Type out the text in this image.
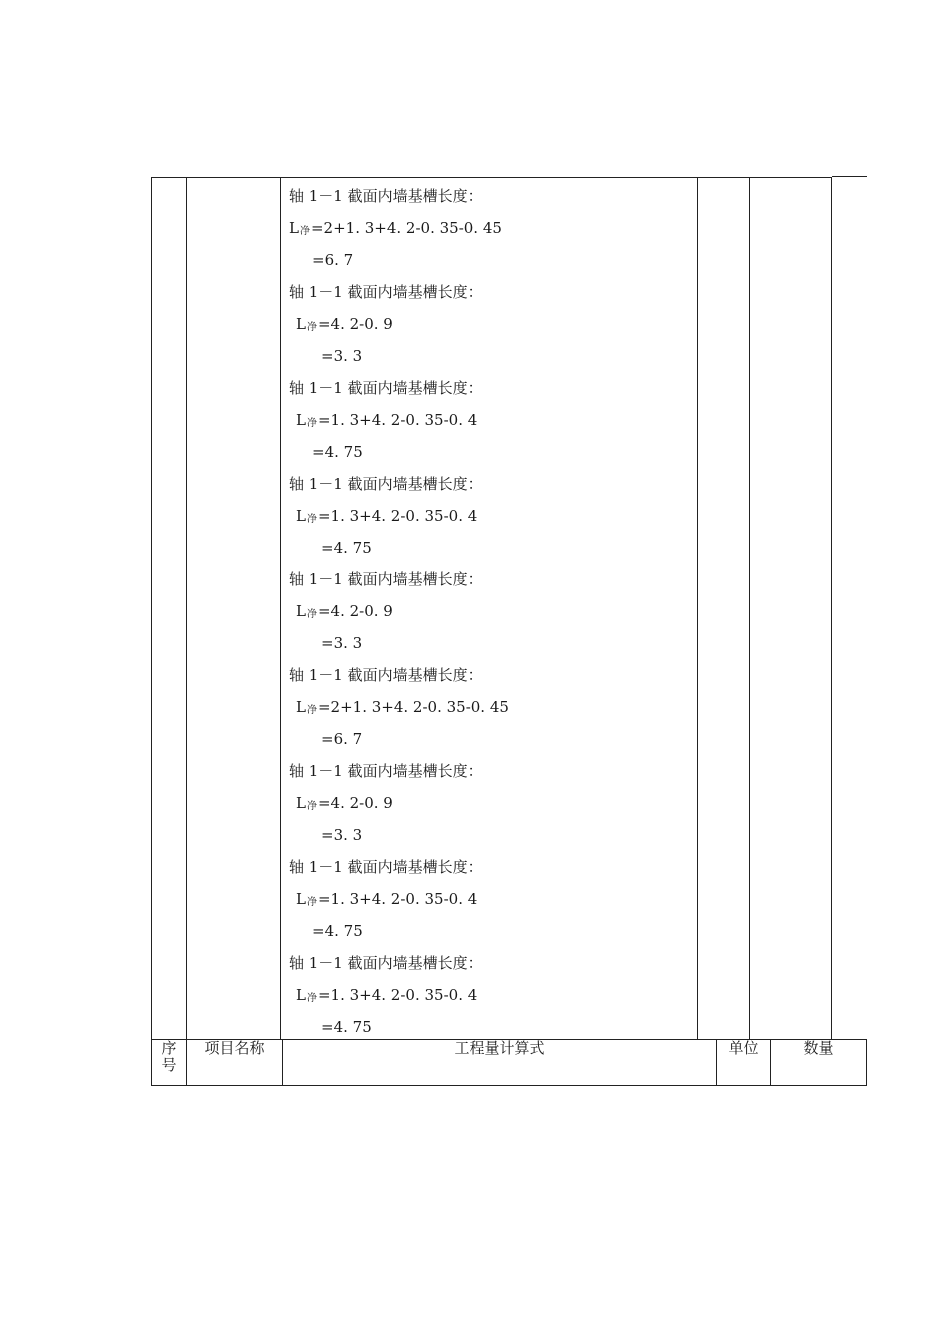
轴 1－1 截面内墙基槽长度：
L净=2+1. 3+4. 2-0. 35-0. 45
=6. 7
轴 1－1 截面内墙基槽长度：
L净=4. 2-0. 9
=3. 3
轴 1－1 截面内墙基槽长度：
L净=1. 3+4. 2-0. 35-0. 4
=4. 75
轴 1－1 截面内墙基槽长度：
L净=1. 3+4. 2-0. 35-0. 4
=4. 75
轴 1－1 截面内墙基槽长度：
L净=4. 2-0. 9
=3. 3
轴 1－1 截面内墙基槽长度：
L净=2+1. 3+4. 2-0. 35-0. 45
=6. 7
轴 1－1 截面内墙基槽长度：
L净=4. 2-0. 9
=3. 3
轴 1－1 截面内墙基槽长度：
L净=1. 3+4. 2-0. 35-0. 4
=4. 75
轴 1－1 截面内墙基槽长度：
L净=1. 3+4. 2-0. 35-0. 4
=4. 75
序
号
项目名称	工程量计算式	单位	数量
